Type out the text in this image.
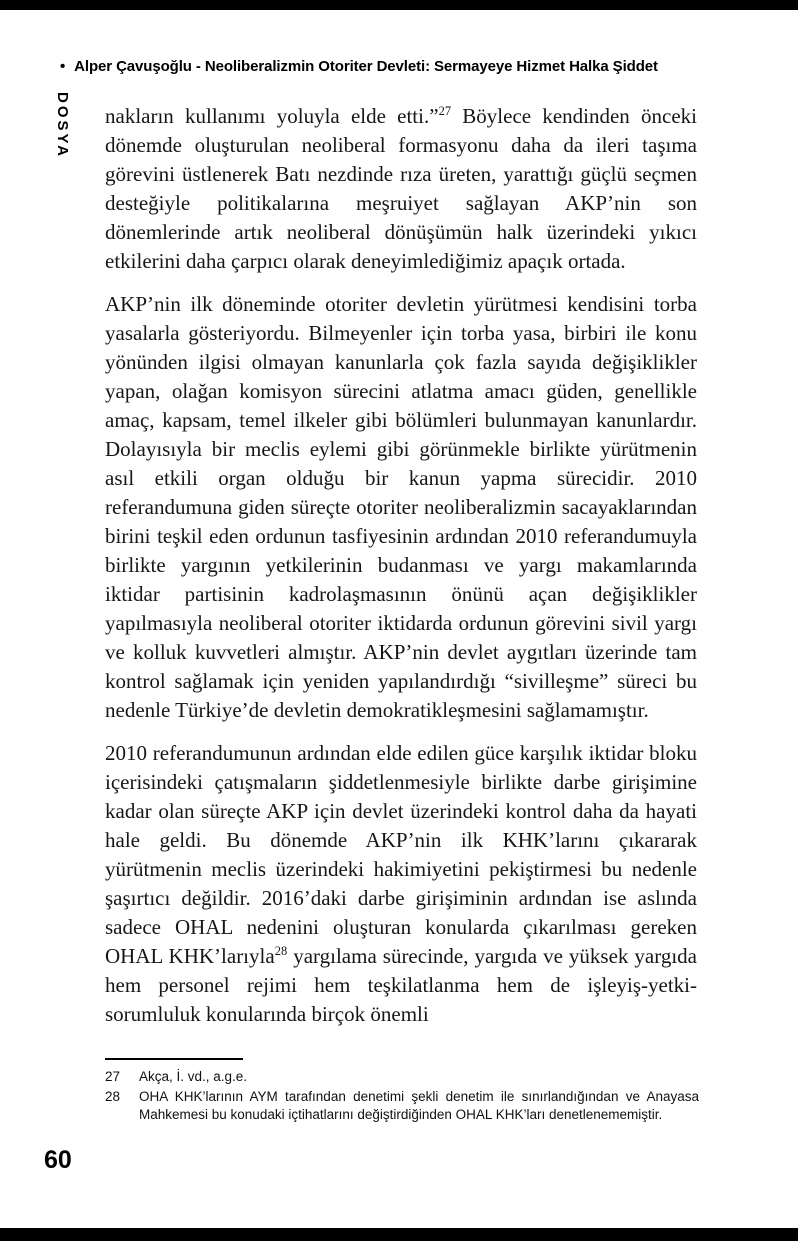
• Alper Çavuşoğlu - Neoliberalizmin Otoriter Devleti: Sermayeye Hizmet Halka Şiddet
DOSYA nakların kullanımı yoluyla elde etti.”$^{27}$ Böylece kendinden önceki dönemde oluşturulan neoliberal formasyonu daha da ileri taşıma görevini üstlenerek Batı nezdinde rıza üreten, yarattığı güçlü seçmen desteğiyle politikalarına meşruiyet sağlayan AKP’nin son dönemlerinde artık neoliberal dönüşümün halk üzerindeki yıkıcı etkilerini daha çarpıcı olarak deneyimlediğimiz apaçık ortada.

AKP’nin ilk döneminde otoriter devletin yürütmesi kendisini torba yasalarla gösteriyordu. Bilmeyenler için torba yasa, birbiri ile konu yönünden ilgisi olmayan kanunlarla çok fazla sayıda değişiklikler yapan, olağan komisyon sürecini atlatma amacı güden, genellikle amaç, kapsam, temel ilkeler gibi bölümleri bulunmayan kanunlardır. Dolayısıyla bir meclis eylemi gibi görünmekle birlikte yürütmenin asıl etkili organ olduğu bir kanun yapma sürecidir. 2010 referandumuna giden süreçte otoriter neoliberalizmin sacayaklarından birini teşkil eden ordunun tasfiyesinin ardından 2010 referandumuyla birlikte yargının yetkilerinin budanması ve yargı makamlarında iktidar partisinin kadrolaşmasının önünü açan değişiklikler yapılmasıyla neoliberal otoriter iktidarda ordunun görevini sivil yargı ve kolluk kuvvetleri almıştır. AKP’nin devlet aygıtları üzerinde tam kontrol sağlamak için yeniden yapılandırdığı “sivilleşme” süreci bu nedenle Türkiye’de devletin demokratikleşmesini sağlamamıştır.

2010 referandumunun ardından elde edilen güce karşılık iktidar bloku içerisindeki çatışmaların şiddetlenmesiyle birlikte darbe girişimine kadar olan süreçte AKP için devlet üzerindeki kontrol daha da hayati hale geldi. Bu dönemde AKP’nin ilk KHK’larını çıkararak yürütmenin meclis üzerindeki hakimiyetini pekiştirmesi bu nedenle şaşırtıcı değildir. 2016’daki darbe girişiminin ardından ise aslında sadece OHAL nedenini oluşturan konularda çıkarılması gereken OHAL KHK’larıyla$^{28}$ yargılama sürecinde, yargıda ve yüksek yargıda hem personel rejimi hem teşkilatlanma hem de işleyiş-yetki-sorumluluk konularında birçok önemli

27	Akça, İ. vd., a.g.e.
28	OHA KHK’larının AYM tarafından denetimi şekli denetim ile sınırlandığından ve Anayasa Mahkemesi bu konudaki içtihatlarını değiştirdiğinden OHAL KHK’ları denetlenememiştir.
60
